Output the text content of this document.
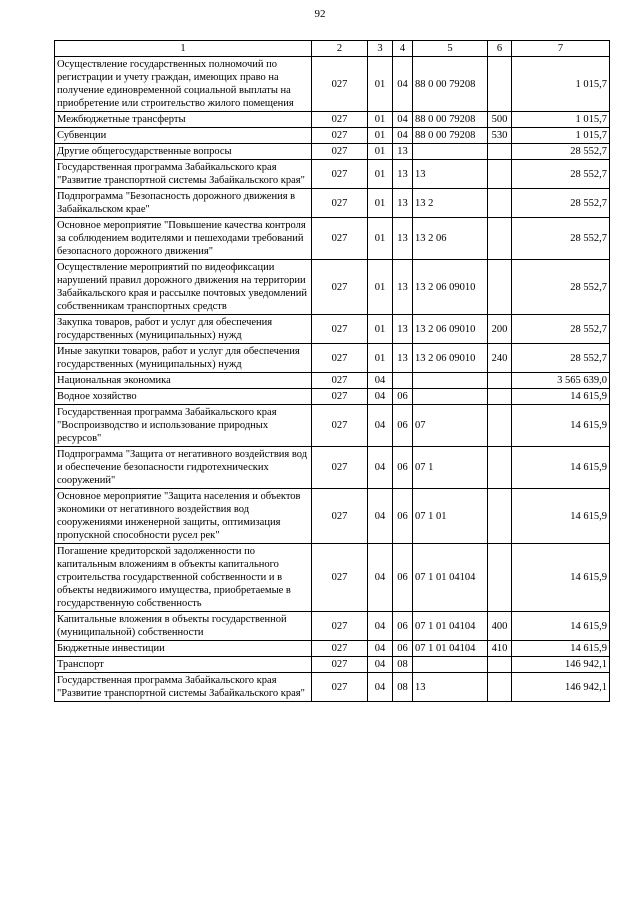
92
1	2	3	4	5	6	7
Осуществление государственных полномочий по регистрации и учету граждан, имеющих право на получение единовременной социальной выплаты на приобретение или строительство жилого помещения	027	01	04	88 0 00 79208		1 015,7
Межбюджетные трансферты	027	01	04	88 0 00 79208	500	1 015,7
Субвенции	027	01	04	88 0 00 79208	530	1 015,7
Другие общегосударственные вопросы	027	01	13			28 552,7
Государственная программа Забайкальского края "Развитие транспортной системы Забайкальского края"	027	01	13	13		28 552,7
Подпрограмма "Безопасность дорожного движения в Забайкальском крае"	027	01	13	13 2		28 552,7
Основное мероприятие "Повышение качества контроля за соблюдением водителями и пешеходами требований безопасного дорожного движения"	027	01	13	13 2 06		28 552,7
Осуществление мероприятий по видеофиксации нарушений правил дорожного движения на территории Забайкальского края и рассылке почтовых уведомлений собственникам транспортных средств	027	01	13	13 2 06 09010		28 552,7
Закупка товаров, работ и услуг для обеспечения государственных (муниципальных) нужд	027	01	13	13 2 06 09010	200	28 552,7
Иные закупки товаров, работ и услуг для обеспечения государственных (муниципальных) нужд	027	01	13	13 2 06 09010	240	28 552,7
Национальная экономика	027	04				3 565 639,0
Водное хозяйство	027	04	06			14 615,9
Государственная программа Забайкальского края "Воспроизводство и использование природных ресурсов"	027	04	06	07		14 615,9
Подпрограмма "Защита от негативного воздействия вод и обеспечение безопасности гидротехнических сооружений"	027	04	06	07 1		14 615,9
Основное мероприятие "Защита населения и объектов экономики от негативного воздействия вод сооружениями инженерной защиты, оптимизация пропускной способности русел рек"	027	04	06	07 1 01		14 615,9
Погашение кредиторской задолженности по капитальным вложениям в объекты капитального строительства государственной собственности и в объекты недвижимого имущества, приобретаемые в государственную собственность	027	04	06	07 1 01 04104		14 615,9
Капитальные вложения в объекты государственной (муниципальной) собственности	027	04	06	07 1 01 04104	400	14 615,9
Бюджетные инвестиции	027	04	06	07 1 01 04104	410	14 615,9
Транспорт	027	04	08			146 942,1
Государственная программа Забайкальского края "Развитие транспортной системы Забайкальского края"	027	04	08	13		146 942,1
